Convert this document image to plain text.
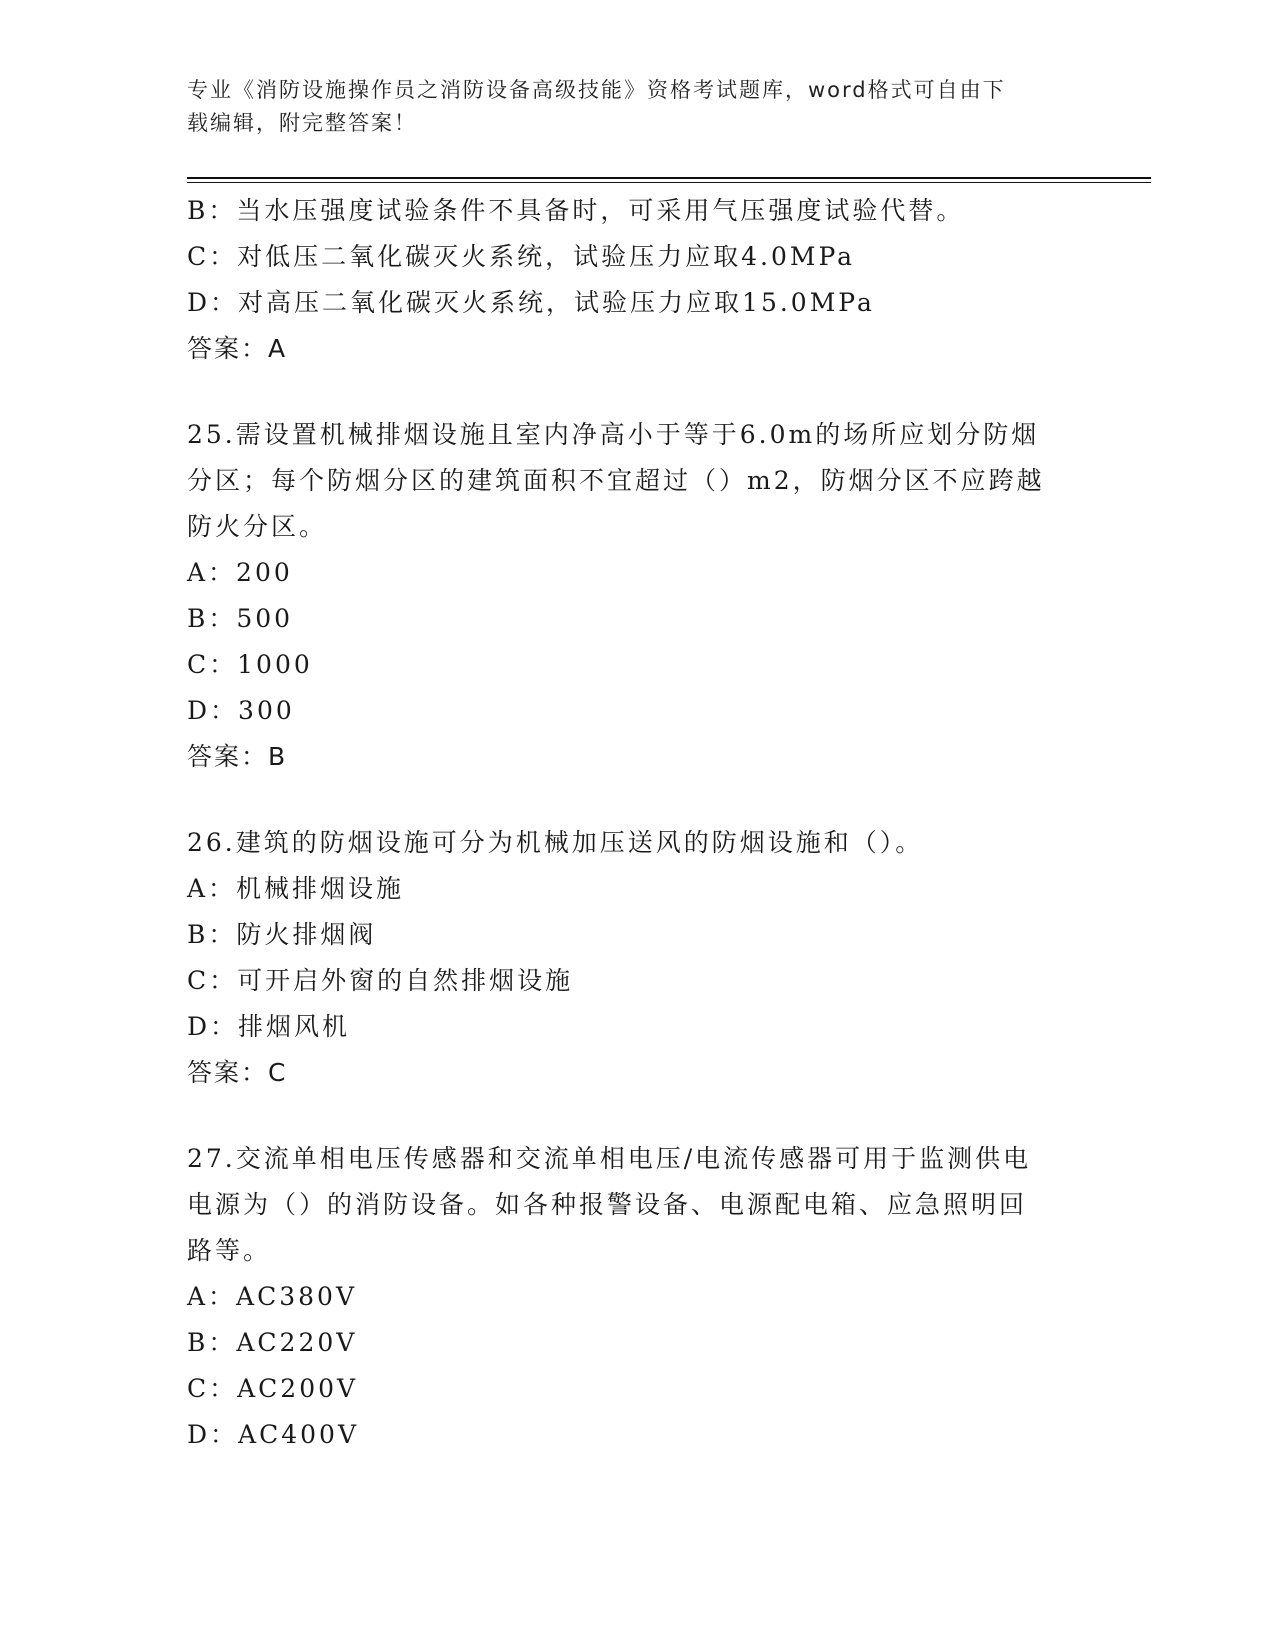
专业《消防设施操作员之消防设备高级技能》资格考试题库，word格式可自由下
载编辑，附完整答案！
B：当水压强度试验条件不具备时，可采用气压强度试验代替。
C：对低压二氧化碳灭火系统，试验压力应取4.0MPa
D：对高压二氧化碳灭火系统，试验压力应取15.0MPa
答案：A
25.需设置机械排烟设施且室内净高小于等于6.0m的场所应划分防烟
分区；每个防烟分区的建筑面积不宜超过（）m2，防烟分区不应跨越
防火分区。
A：200
B：500
C：1000
D：300
答案：B
26.建筑的防烟设施可分为机械加压送风的防烟设施和（）。
A：机械排烟设施
B：防火排烟阀
C：可开启外窗的自然排烟设施
D：排烟风机
答案：C
27.交流单相电压传感器和交流单相电压/电流传感器可用于监测供电
电源为（）的消防设备。如各种报警设备、电源配电箱、应急照明回
路等。
A：AC380V
B：AC220V
C：AC200V
D：AC400V
